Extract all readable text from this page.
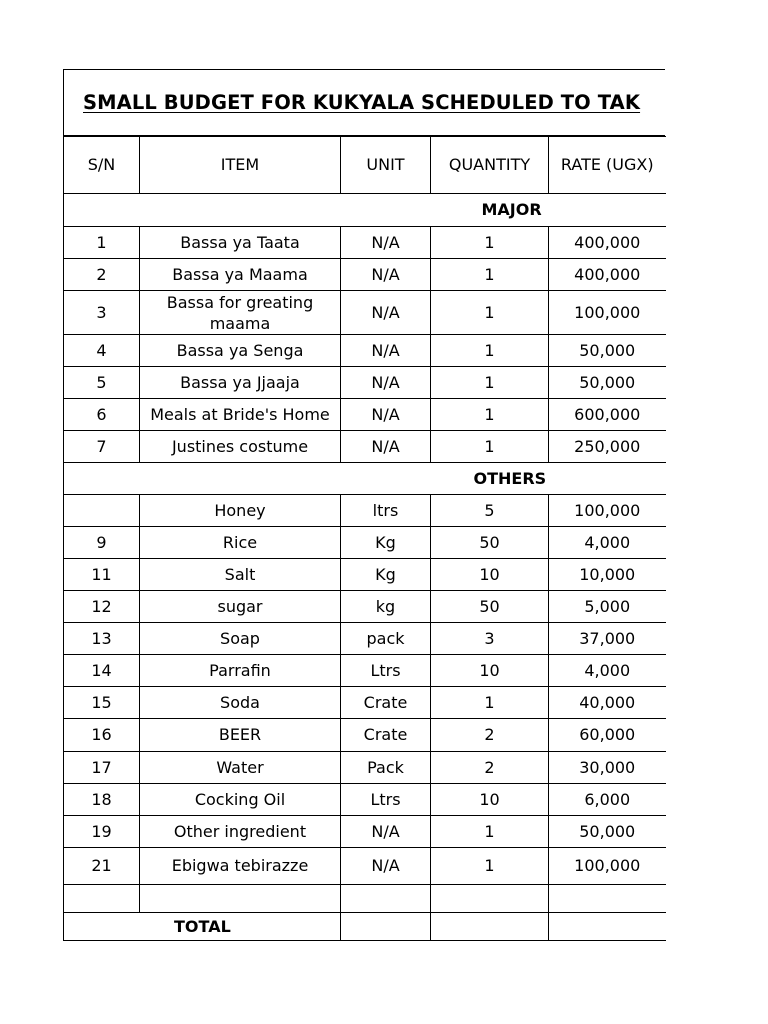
SMALL BUDGET FOR KUKYALA SCHEDULED TO TAK
S/N	ITEM	UNIT	QUANTITY	RATE (UGX)
			MAJOR	
1	Bassa ya Taata	N/A	1	400,000
2	Bassa ya Maama	N/A	1	400,000
3	Bassa for greating maama	N/A	1	100,000
4	Bassa ya Senga	N/A	1	50,000
5	Bassa ya Jjaaja	N/A	1	50,000
6	Meals at Bride's Home	N/A	1	600,000
7	Justines costume	N/A	1	250,000
			OTHERS	
	Honey	ltrs	5	100,000
9	Rice	Kg	50	4,000
11	Salt	Kg	10	10,000
12	sugar	kg	50	5,000
13	Soap	pack	3	37,000
14	Parrafin	Ltrs	10	4,000
15	Soda	Crate	1	40,000
16	BEER	Crate	2	60,000
17	Water	Pack	2	30,000
18	Cocking Oil	Ltrs	10	6,000
19	Other ingredient	N/A	1	50,000
21	Ebigwa tebirazze	N/A	1	100,000

TOTAL				
